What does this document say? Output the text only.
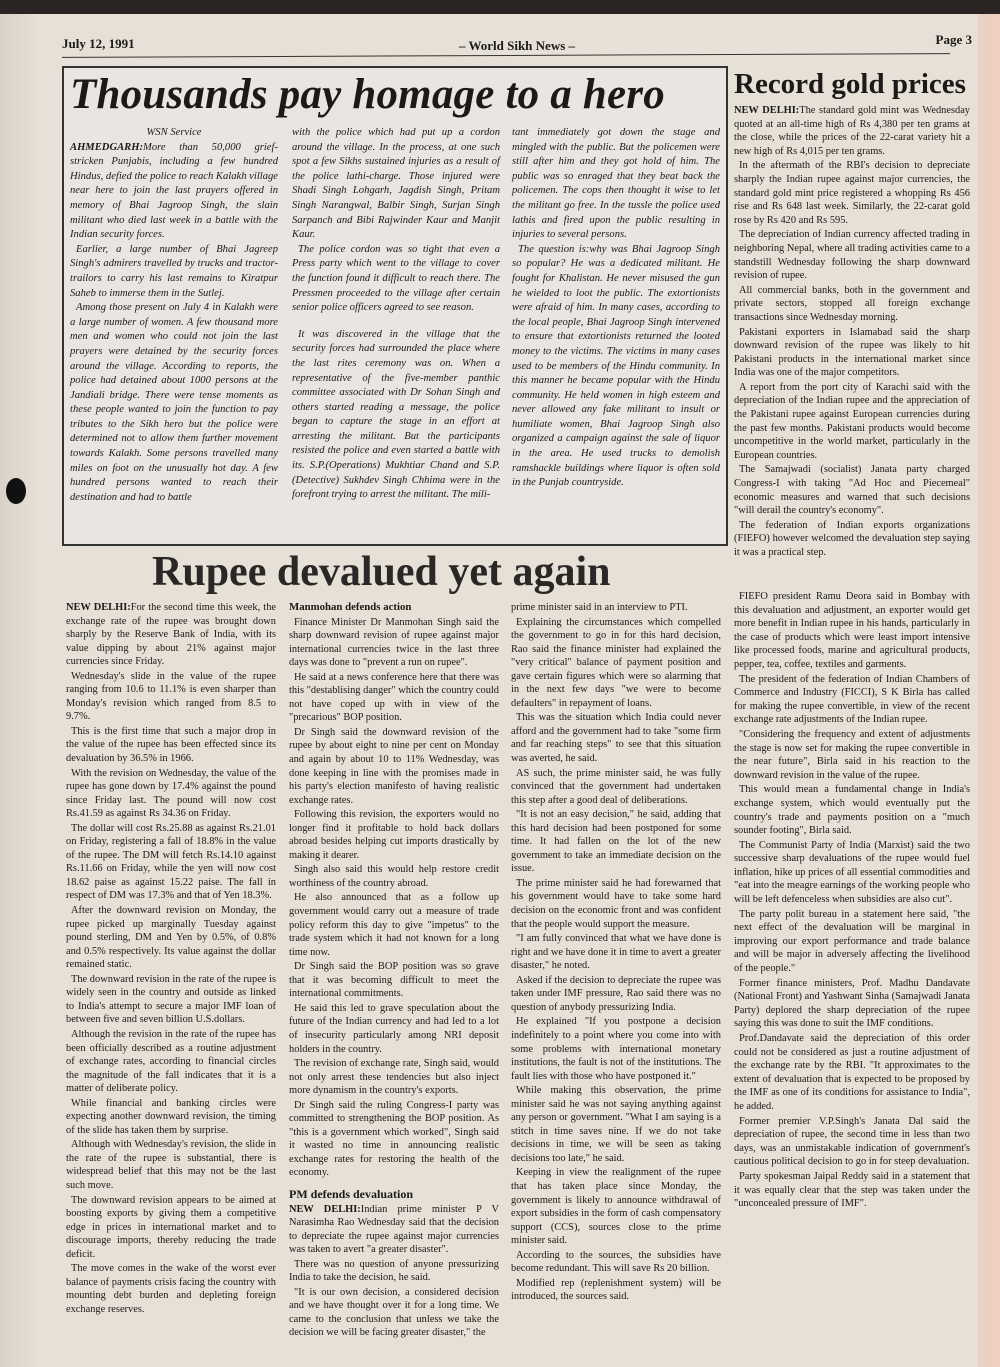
July 12, 1991	– World Sikh News –	Page 3
Thousands pay homage to a hero

WSN Service

AHMEDGARH:More than 50,000 grief-stricken Punjabis, including a few hundred Hindus, defied the police to reach Kalakh village near here to join the last prayers offered in memory of Bhai Jagroop Singh, the slain militant who died last week in a battle with the Indian security forces.

Earlier, a large number of Bhai Jagreep Singh's admirers travelled by trucks and tractor-trailors to carry his last remains to Kiratpur Saheb to immerse them in the Sutlej.

Among those present on July 4 in Kalakh were a large number of women. A few thousand more men and women who could not join the last prayers were detained by the security forces around the village. According to reports, the police had detained about 1000 persons at the Jandiali bridge. There were tense moments as these people wanted to join the function to pay tributes to the Sikh hero but the police were determined not to allow them further movement towards Kalakh. Some persons travelled many miles on foot on the unusually hot day. A few hundred persons wanted to reach their destination and had to battle

with the police which had put up a cordon around the village. In the process, at one such spot a few Sikhs sustained injuries as a result of the police lathi-charge. Those injured were Shadi Singh Lohgarh, Jagdish Singh, Pritam Singh Narangwal, Balbir Singh, Surjan Singh Sarpanch and Bibi Rajwinder Kaur and Manjit Kaur.

The police cordon was so tight that even a Press party which went to the village to cover the function found it difficult to reach there. The Pressmen proceeded to the village after certain senior police officers agreed to see reason.

It was discovered in the village that the security forces had surrounded the place where the last rites ceremony was on. When a representative of the five-member panthic committee associated with Dr Sohan Singh and others started reading a message, the police began to capture the stage in an effort at arresting the militant. But the participants resisted the police and even started a battle with its. S.P.(Operations) Mukhtiar Chand and S.P.(Detective) Sukhdev Singh Chhima were in the forefront trying to arrest the militant. The mili-

tant immediately got down the stage and mingled with the public. But the policemen were still after him and they got hold of him. The public was so enraged that they beat back the policemen. The cops then thought it wise to let the militant go free. In the tussle the police used lathis and fired upon the public resulting in injuries to several persons.

The question is:why was Bhai Jagroop Singh so popular? He was a dedicated militant. He fought for Khalistan. He never misused the gun he wielded to loot the public. The extortionists were afraid of him. In many cases, according to the local people, Bhai Jagroop Singh intervened to ensure that extortionists returned the looted money to the victims. The victims in many cases used to be members of the Hindu community. In this manner he became popular with the Hindu community. He held women in high esteem and never allowed any fake militant to insult or humiliate women, Bhai Jagroop Singh also organized a campaign against the sale of liquor in the area. He used trucks to demolish ramshackle buildings where liquor is often sold in the Punjab countryside.

Record gold prices

NEW DELHI:The standard gold mint was Wednesday quoted at an all-time high of Rs 4,380 per ten grams at the close, while the prices of the 22-carat variety hit a new high of Rs 4,015 per ten grams.

In the aftermath of the RBI's decision to depreciate sharply the Indian rupee against major currencies, the standard gold mint price registered a whopping Rs 456 rise and Rs 648 last week. Similarly, the 22-carat gold rose by Rs 420 and Rs 595.

The depreciation of Indian currency affected trading in neighboring Nepal, where all trading activities came to a standstill Wednesday following the sharp downward revision of rupee.

All commercial banks, both in the government and private sectors, stopped all foreign exchange transactions since Wednesday morning.

Pakistani exporters in Islamabad said the sharp downward revision of the rupee was likely to hit Pakistani products in the international market since India was one of the major competitors.

A report from the port city of Karachi said with the depreciation of the Indian rupee and the appreciation of the Pakistani rupee against European currencies during the past few months. Pakistani products would become uncompetitive in the world market, particularly in the European countries.

The Samajwadi (socialist) Janata party charged Congress-I with taking "Ad Hoc and Piecemeal" economic measures and warned that such decisions "will derail the country's economy".

The federation of Indian exports organizations (FIEFO) however welcomed the devaluation step saying it was a practical step.

Rupee devalued yet again

NEW DELHI:For the second time this week, the exchange rate of the rupee was brought down sharply by the Reserve Bank of India, with its value dipping by about 21% against major currencies since Friday.

Wednesday's slide in the value of the rupee ranging from 10.6 to 11.1% is even sharper than Monday's revision which ranged from 8.5 to 9.7%.

This is the first time that such a major drop in the value of the rupee has been effected since its devaluation by 36.5% in 1966.

With the revision on Wednesday, the value of the rupee has gone down by 17.4% against the pound since Friday last. The pound will now cost Rs.41.59 as against Rs 34.36 on Friday.

The dollar will cost Rs.25.88 as against Rs.21.01 on Friday, registering a fall of 18.8% in the value of the rupee. The DM will fetch Rs.14.10 against Rs.11.66 on Friday, while the yen will now cost 18.62 paise as against 15.22 paise. The fall in respect of DM was 17.3% and that of Yen 18.3%.

After the downward revision on Monday, the rupee picked up marginally Tuesday against pound sterling, DM and Yen by 0.5%, of 0.8% and 0.5% respectively. Its value against the dollar remained static.

The downward revision in the rate of the rupee is widely seen in the country and outside as linked to India's attempt to secure a major IMF loan of between five and seven billion U.S.dollars.

Although the revision in the rate of the rupee has been officially described as a routine adjustment of exchange rates, according to financial circles the magnitude of the fall indicates that it is a matter of deliberate policy.

While financial and banking circles were expecting another downward revision, the timing of the slide has taken them by surprise.

Although with Wednesday's revision, the slide in the rate of the rupee is substantial, there is widespread belief that this may not be the last such move.

The downward revision appears to be aimed at boosting exports by giving them a competitive edge in prices in international market and to discourage imports, thereby reducing the trade deficit.

The move comes in the wake of the worst ever balance of payments crisis facing the country with mounting debt burden and depleting foreign exchange reserves.

Manmohan defends action

Finance Minister Dr Manmohan Singh said the sharp downward revision of rupee against major international currencies twice in the last three days was done to "prevent a run on rupee".

He said at a news conference here that there was this "destablising danger" which the country could not have coped up with in view of the "precarious" BOP position.

Dr Singh said the downward revision of the rupee by about eight to nine per cent on Monday and again by about 10 to 11% Wednesday, was done keeping in line with the promises made in his party's election manifesto of having realistic exchange rates.

Following this revision, the exporters would no longer find it profitable to hold back dollars abroad besides helping cut imports drastically by making it dearer.

Singh also said this would help restore credit worthiness of the country abroad.

He also announced that as a follow up government would carry out a measure of trade policy reform this day to give "impetus" to the trade system which it had not known for a long time now.

Dr Singh said the BOP position was so grave that it was becoming difficult to meet the international commitments.

He said this led to grave speculation about the future of the Indian currency and had led to a lot of insecurity particularly among NRI deposit holders in the country.

The revision of exchange rate, Singh said, would not only arrest these tendencies but also inject more dynamism in the country's exports.

Dr Singh said the ruling Congress-I party was committed to strengthening the BOP position. As "this is a government which worked", Singh said it wasted no time in announcing realistic exchange rates for restoring the health of the economy.

PM defends devaluation

NEW DELHI:Indian prime minister P V Narasimha Rao Wednesday said that the decision to depreciate the rupee against major currencies was taken to avert "a greater disaster".

There was no question of anyone pressurizing India to take the decision, he said.

"It is our own decision, a considered decision and we have thought over it for a long time. We came to the conclusion that unless we take the decision we will be facing greater disaster," the

prime minister said in an interview to PTI.

Explaining the circumstances which compelled the government to go in for this hard decision, Rao said the finance minister had explained the "very critical" balance of payment position and gave certain figures which were so alarming that in the next few days "we were to become defaulters" in repayment of loans.

This was the situation which India could never afford and the government had to take "some firm and far reaching steps" to see that this situation was averted, he said.

AS such, the prime minister said, he was fully convinced that the government had undertaken this step after a good deal of deliberations.

"It is not an easy decision," he said, adding that this hard decision had been postponed for some time. It had fallen on the lot of the new government to take an immediate decision on the issue.

The prime minister said he had forewarned that his government would have to take some hard decision on the economic front and was confident that the people would support the measure.

"I am fully convinced that what we have done is right and we have done it in time to avert a greater disaster," he noted.

Asked if the decision to depreciate the rupee was taken under IMF pressure, Rao said there was no question of anybody pressurizing India.

He explained "If you postpone a decision indefinitely to a point where you come into with some problems with international monetary institutions, the fault is not of the institutions. The fault lies with those who have postponed it."

While making this observation, the prime minister said he was not saying anything against any person or government. "What I am saying is a stitch in time saves nine. If we do not take decisions in time, we will be seen as taking decisions too late," he said.

Keeping in view the realignment of the rupee that has taken place since Monday, the government is likely to announce withdrawal of export subsidies in the form of cash compensatory support (CCS), sources close to the prime minister said.

According to the sources, the subsidies have become redundant. This will save Rs 20 billion.

Modified rep (replenishment system) will be introduced, the sources said.

FIEFO president Ramu Deora said in Bombay with this devaluation and adjustment, an exporter would get more benefit in Indian rupee in his hands, particularly in the case of products which were least import intensive like processed foods, marine and agricultural products, pepper, tea, coffee, textiles and garments.

The president of the federation of Indian Chambers of Commerce and Industry (FICCI), S K Birla has called for making the rupee convertible, in view of the recent exchange rate adjustments of the Indian rupee.

"Considering the frequency and extent of adjustments the stage is now set for making the rupee convertible in the near future", Birla said in his reaction to the downward revision in the value of the rupee.

This would mean a fundamental change in India's exchange system, which would eventually put the country's trade and payments position on a "much sounder footing", Birla said.

The Communist Party of India (Marxist) said the two successive sharp devaluations of the rupee would fuel inflation, hike up prices of all essential commodities and "eat into the meagre earnings of the working people who will be left defenceless when subsidies are also cut".

The party polit bureau in a statement here said, "the next effect of the devaluation will be marginal in improving our export performance and trade balance and will be major in adversely affecting the livelihood of the people."

Former finance ministers, Prof. Madhu Dandavate (National Front) and Yashwant Sinha (Samajwadi Janata Party) deplored the sharp depreciation of the rupee saying this was done to suit the IMF conditions.

Prof.Dandavate said the depreciation of this order could not be considered as just a routine adjustment of the exchange rate by the RBI. "It approximates to the extent of devaluation that is expected to be proposed by the IMF as one of its conditions for assistance to India", he added.

Former premier V.P.Singh's Janata Dal said the depreciation of rupee, the second time in less than two days, was an unmistakable indication of government's cautious political decision to go in for steep devaluation.

Party spokesman Jaipal Reddy said in a statement that it was equally clear that the step was taken under the "unconcealed pressure of IMF".
